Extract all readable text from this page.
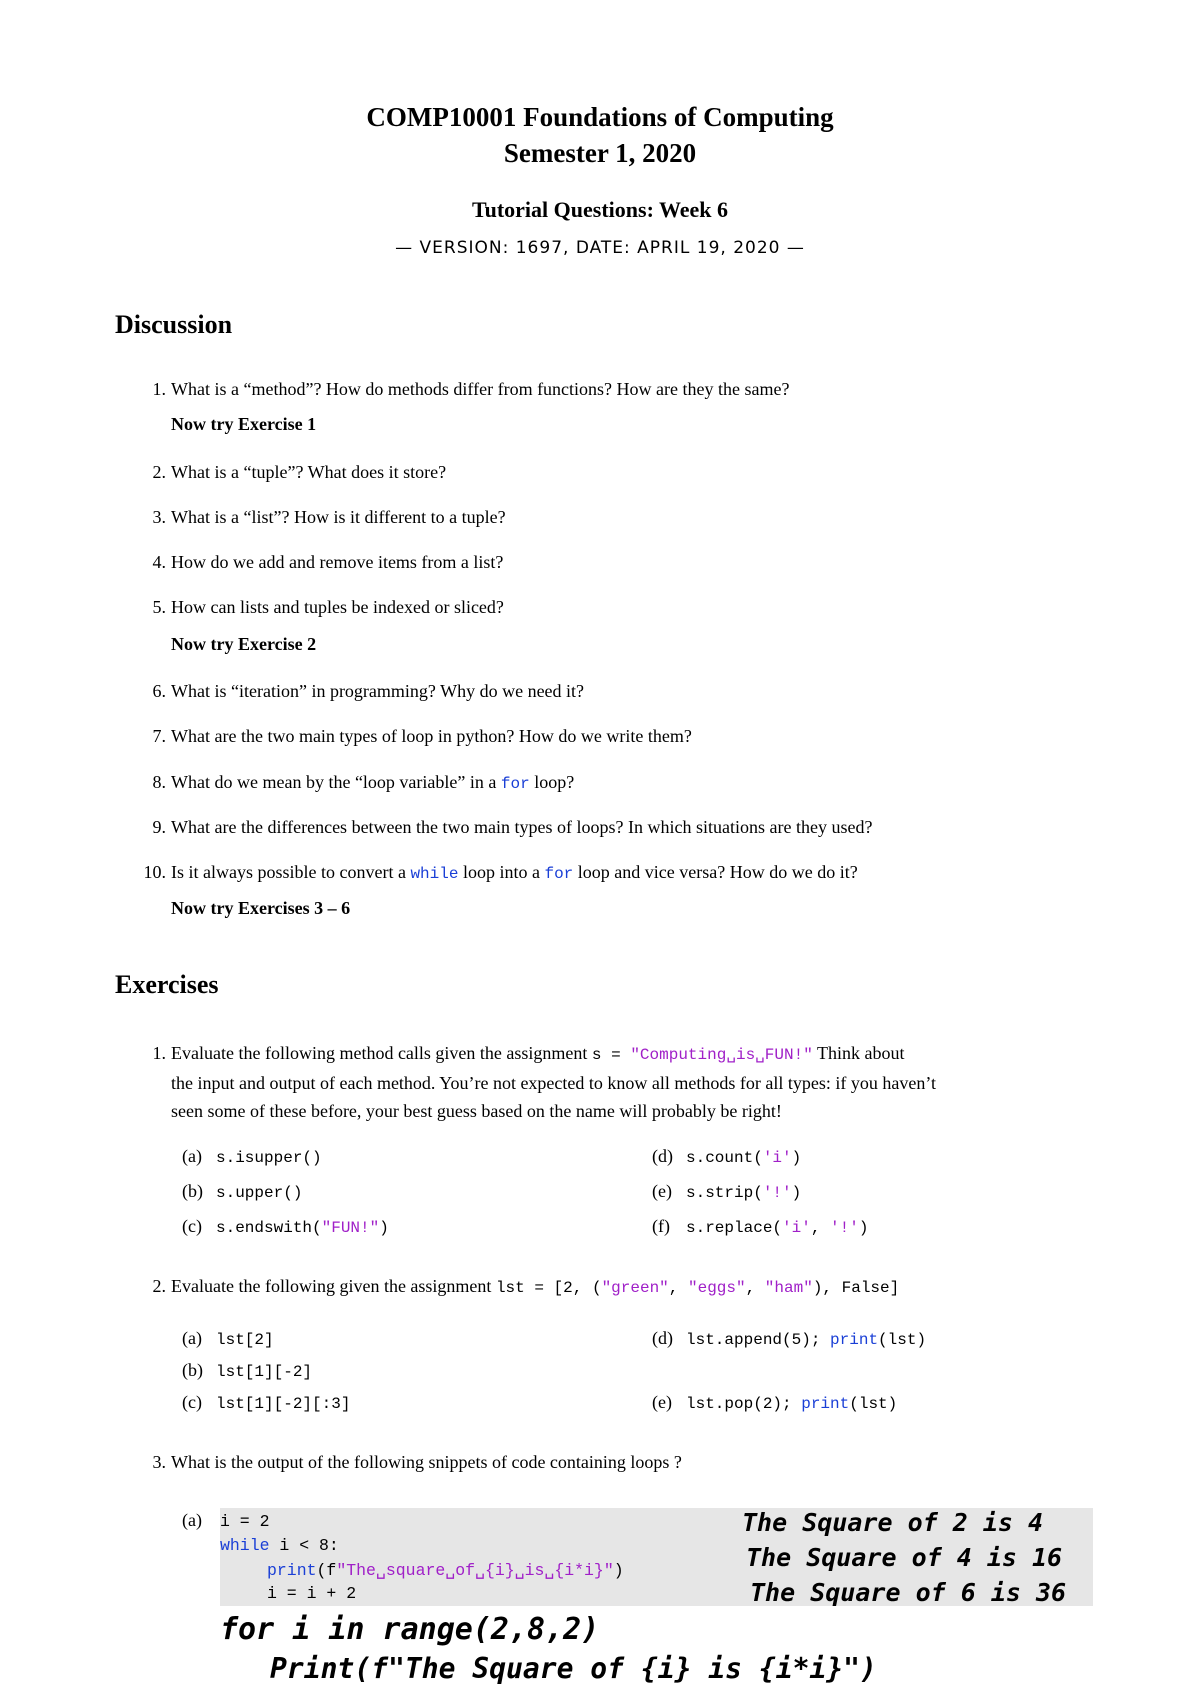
COMP10001 Foundations of Computing
Semester 1, 2020
Tutorial Questions: Week 6
— VERSION: 1697, DATE: APRIL 19, 2020 —
Discussion
1. What is a “method”? How do methods differ from functions? How are they the same?
Now try Exercise 1
2. What is a “tuple”? What does it store?
3. What is a “list”? How is it different to a tuple?
4. How do we add and remove items from a list?
5. How can lists and tuples be indexed or sliced?
Now try Exercise 2
6. What is “iteration” in programming? Why do we need it?
7. What are the two main types of loop in python? How do we write them?
8. What do we mean by the “loop variable” in a for loop?
9. What are the differences between the two main types of loops? In which situations are they used?
10. Is it always possible to convert a while loop into a for loop and vice versa? How do we do it?
Now try Exercises 3 – 6
Exercises
1. Evaluate the following method calls given the assignment s = "Computing␣is␣FUN!" Think about
the input and output of each method. You’re not expected to know all methods for all types: if you haven’t
seen some of these before, your best guess based on the name will probably be right!
(a) s.isupper()
(b) s.upper()
(c) s.endswith("FUN!")
(d) s.count('i')
(e) s.strip('!')
(f) s.replace('i', '!')
2. Evaluate the following given the assignment lst = [2, ("green", "eggs", "ham"), False]
(a) lst[2]
(b) lst[1][-2]
(c) lst[1][-2][:3]
(d) lst.append(5); print(lst)
(e) lst.pop(2); print(lst)
3. What is the output of the following snippets of code containing loops ?
(a) i = 2
while i < 8:
print(f"The␣square␣of␣{i}␣is␣{i*i}")
i = i + 2
The Square of 2 is 4
The Square of 4 is 16
The Square of 6 is 36
for i in range(2,8,2)
Print(f"The Square of {i} is {i*i}")
